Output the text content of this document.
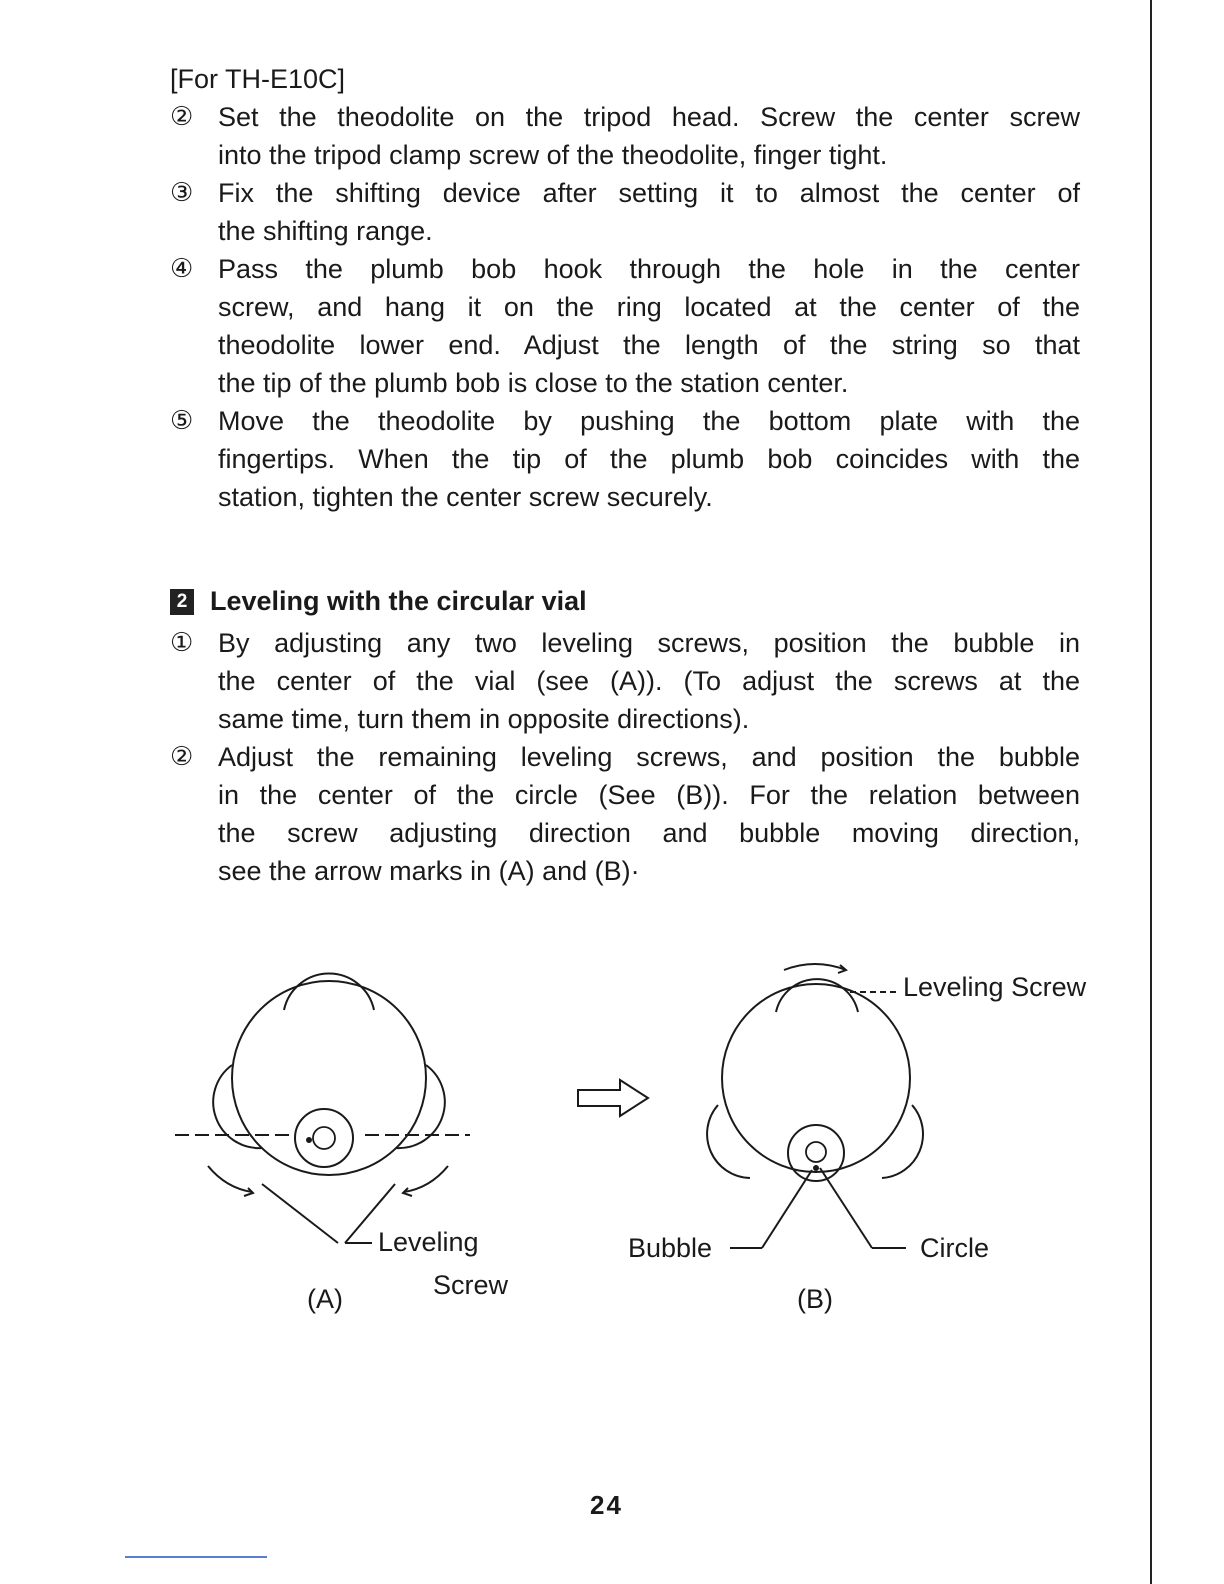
[For TH-E10C]
② Set the theodolite on the tripod head. Screw the center screw
into the tripod clamp screw of the theodolite, finger tight.
③ Fix the shifting device after setting it to almost the center of
the shifting range.
④ Pass the plumb bob hook through the hole in the center
screw, and hang it on the ring located at the center of the
theodolite lower end. Adjust the length of the string so that
the tip of the plumb bob is close to the station center.
⑤ Move the theodolite by pushing the bottom plate with the
fingertips. When the tip of the plumb bob coincides with the
station, tighten the center screw securely.
2 Leveling with the circular vial
① By adjusting any two leveling screws, position the bubble in
the center of the vial (see (A)). (To adjust the screws at the
same time, turn them in opposite directions).
② Adjust the remaining leveling screws, and position the bubble
in the center of the circle (See (B)). For the relation between
the screw adjusting direction and bubble moving direction,
see the arrow marks in (A) and (B)·
Leveling
Screw
(A)
Leveling Screw
Bubble	Circle
(B)
24
